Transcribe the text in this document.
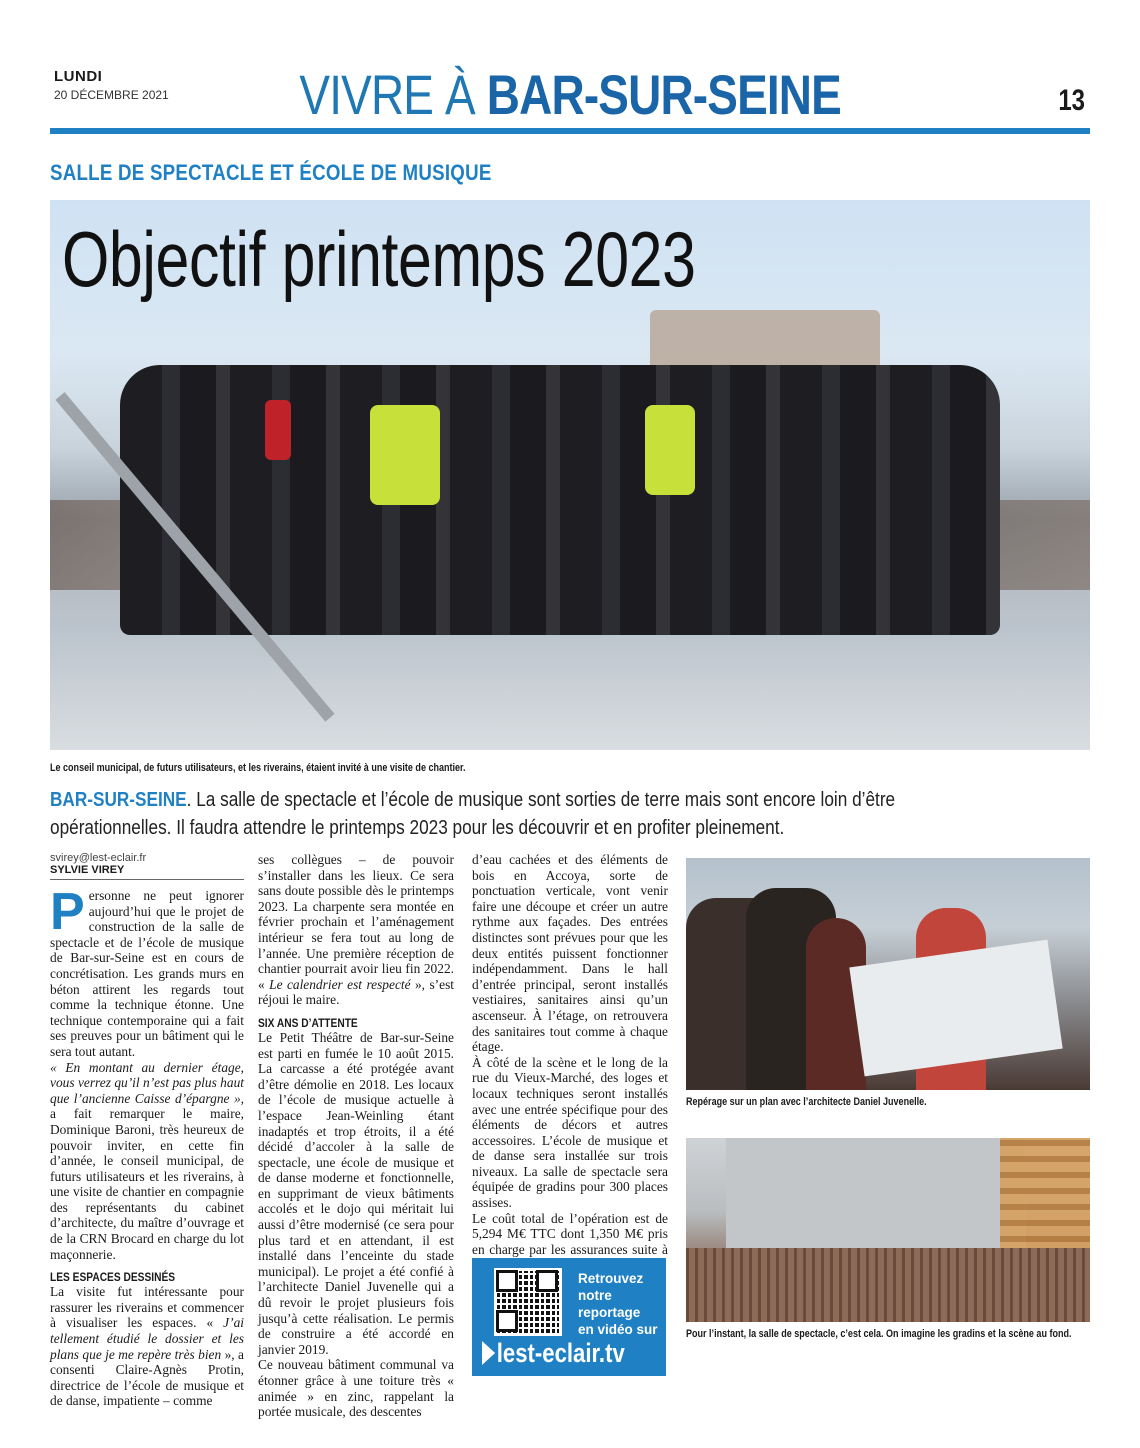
LUNDI
20 DÉCEMBRE 2021 VIVRE À BAR-SUR-SEINE	13
SALLE DE SPECTACLE ET ÉCOLE DE MUSIQUE
Objectif printemps 2023
Le conseil municipal, de futurs utilisateurs, et les riverains, étaient invité à une visite de chantier.
BAR-SUR-SEINE. La salle de spectacle et l’école de musique sont sorties de terre mais sont encore loin d’être opérationnelles. Il faudra attendre le printemps 2023 pour les découvrir et en profiter pleinement.
svirey@lest-eclair.fr
SYLVIE VIREY

Personne ne peut ignorer aujourd’hui que le projet de construction de la salle de spectacle et de l’école de musique de Bar-sur-Seine est en cours de concrétisation. Les grands murs en béton attirent les regards tout comme la technique étonne. Une technique contemporaine qui a fait ses preuves pour un bâtiment qui le sera tout autant.

« En montant au dernier étage, vous verrez qu’il n’est pas plus haut que l’ancienne Caisse d’épargne », a fait remarquer le maire, Dominique Baroni, très heureux de pouvoir inviter, en cette fin d’année, le conseil municipal, de futurs utilisateurs et les riverains, à une visite de chantier en compagnie des représentants du cabinet d’architecte, du maître d’ouvrage et de la CRN Brocard en charge du lot maçonnerie.

LES ESPACES DESSINÉS

La visite fut intéressante pour rassurer les riverains et commencer à visualiser les espaces. « J’ai tellement étudié le dossier et les plans que je me repère très bien », a consenti Claire-Agnès Protin, directrice de l’école de musique et de danse, impatiente – comme

ses collègues – de pouvoir s’installer dans les lieux. Ce sera sans doute possible dès le printemps 2023. La charpente sera montée en février prochain et l’aménagement intérieur se fera tout au long de l’année. Une première réception de chantier pourrait avoir lieu fin 2022. « Le calendrier est respecté », s’est réjoui le maire.

SIX ANS D’ATTENTE

Le Petit Théâtre de Bar-sur-Seine est parti en fumée le 10 août 2015. La carcasse a été protégée avant d’être démolie en 2018. Les locaux de l’école de musique actuelle à l’espace Jean-Weinling étant inadaptés et trop étroits, il a été décidé d’accoler à la salle de spectacle, une école de musique et de danse moderne et fonctionnelle, en supprimant de vieux bâtiments accolés et le dojo qui méritait lui aussi d’être modernisé (ce sera pour plus tard et en attendant, il est installé dans l’enceinte du stade municipal). Le projet a été confié à l’architecte Daniel Juvenelle qui a dû revoir le projet plusieurs fois jusqu’à cette réalisation. Le permis de construire a été accordé en janvier 2019.

Ce nouveau bâtiment communal va étonner grâce à une toiture très « animée » en zinc, rappelant la portée musicale, des descentes

d’eau cachées et des éléments de bois en Accoya, sorte de ponctuation verticale, vont venir faire une découpe et créer un autre rythme aux façades. Des entrées distinctes sont prévues pour que les deux entités puissent fonctionner indépendamment. Dans le hall d’entrée principal, seront installés vestiaires, sanitaires ainsi qu’un ascenseur. À l’étage, on retrouvera des sanitaires tout comme à chaque étage.

À côté de la scène et le long de la rue du Vieux-Marché, des loges et locaux techniques seront installés avec une entrée spécifique pour des éléments de décors et autres accessoires. L’école de musique et de danse sera installée sur trois niveaux. La salle de spectacle sera équipée de gradins pour 300 places assises.

Le coût total de l’opération est de 5,294 M€ TTC dont 1,350 M€ pris en charge par les assurances suite à

Retrouvez
notre
reportage
en vidéo sur
lest-eclair.tv
Repérage sur un plan avec l’architecte Daniel Juvenelle.
Pour l’instant, la salle de spectacle, c’est cela. On imagine les gradins et la scène au fond.
